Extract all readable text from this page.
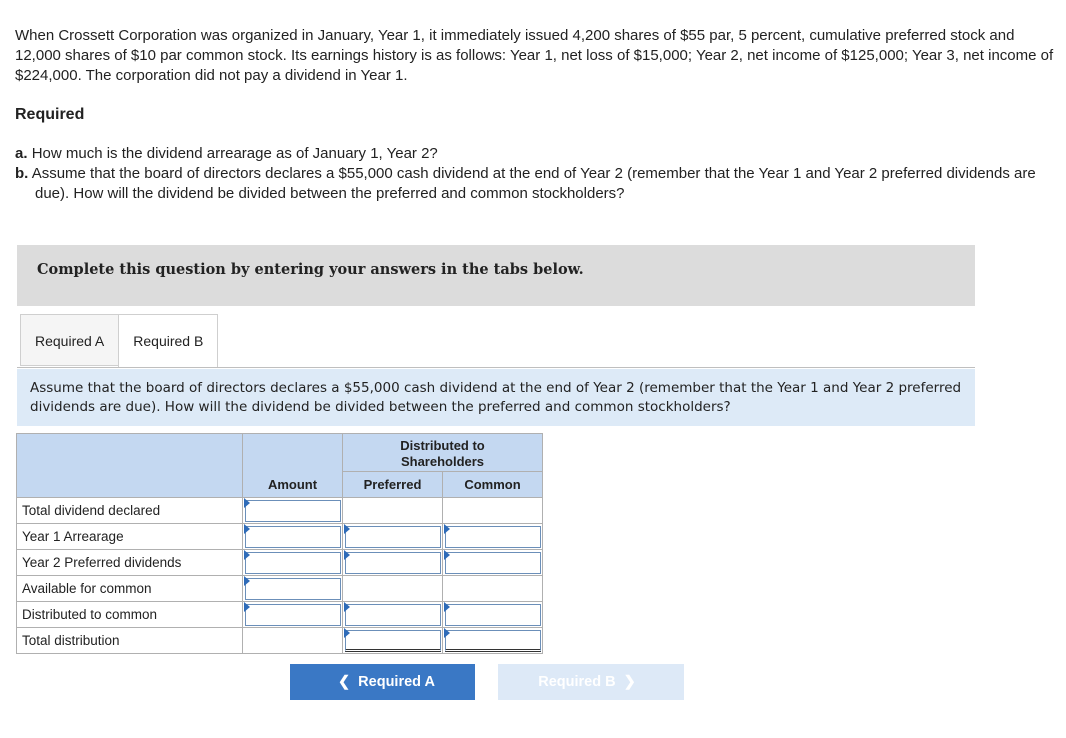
When Crossett Corporation was organized in January, Year 1, it immediately issued 4,200 shares of $55 par, 5 percent, cumulative preferred stock and 12,000 shares of $10 par common stock. Its earnings history is as follows: Year 1, net loss of $15,000; Year 2, net income of $125,000; Year 3, net income of $224,000. The corporation did not pay a dividend in Year 1.

Required

a. How much is the dividend arrearage as of January 1, Year 2?

b. Assume that the board of directors declares a $55,000 cash dividend at the end of Year 2 (remember that the Year 1 and Year 2 preferred dividends are due). How will the dividend be divided between the preferred and common stockholders?

Complete this question by entering your answers in the tabs below.
Required A	Required B
Assume that the board of directors declares a $55,000 cash dividend at the end of Year 2 (remember that the Year 1 and Year 2 preferred dividends are due). How will the dividend be divided between the preferred and common stockholders?

	Amount	Distributed to Shareholders	

		Preferred	Common

Total dividend declared	

Year 1 Arrearage	

Year 2 Preferred dividends	

Available for common	

Distributed to common	

Total distribution		

❮ Required A	Required B ❯
